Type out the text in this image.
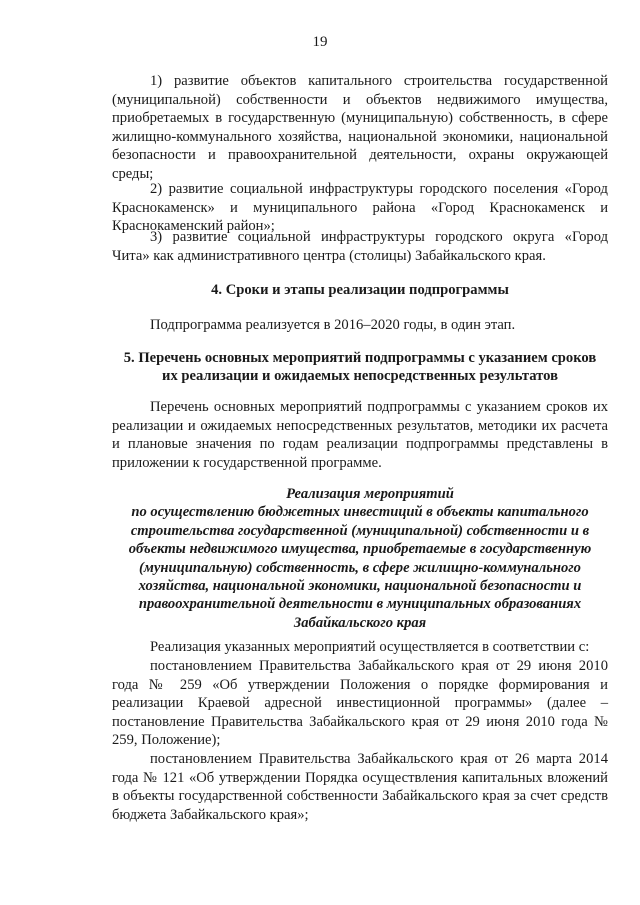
19
1) развитие объектов капитального строительства государственной (муниципальной) собственности и объектов недвижимого имущества, приобретаемых в государственную (муниципальную) собственность, в сфере жилищно-коммунального хозяйства, национальной экономики, национальной безопасности и правоохранительной деятельности, охраны окружающей среды;
2) развитие социальной инфраструктуры городского поселения «Город Краснокаменск» и муниципального района «Город Краснокаменск и Краснокаменский район»;
3) развитие социальной инфраструктуры городского округа «Город Чита» как административного центра (столицы) Забайкальского края.
4. Сроки и этапы реализации подпрограммы
Подпрограмма реализуется в 2016–2020 годы, в один этап.
5. Перечень основных мероприятий подпрограммы с указанием сроков
их реализации и ожидаемых непосредственных результатов
Перечень основных мероприятий подпрограммы с указанием сроков их реализации и ожидаемых непосредственных результатов, методики их расчета и плановые значения по годам реализации подпрограммы представлены в приложении к государственной программе.
Реализация мероприятий
по осуществлению бюджетных инвестиций в объекты капитального строительства государственной (муниципальной) собственности и в объекты недвижимого имущества, приобретаемые в государственную (муниципальную) собственность, в сфере жилищно-коммунального хозяйства, национальной экономики, национальной безопасности и правоохранительной деятельности в муниципальных образованиях Забайкальского края
Реализация указанных мероприятий осуществляется в соответствии с:
постановлением Правительства Забайкальского края от 29 июня 2010 года № 259 «Об утверждении Положения о порядке формирования и реализации Краевой адресной инвестиционной программы» (далее – постановление Правительства Забайкальского края от 29 июня 2010 года № 259, Положение);
постановлением Правительства Забайкальского края от 26 марта 2014 года № 121 «Об утверждении Порядка осуществления капитальных вложений в объекты государственной собственности Забайкальского края за счет средств бюджета Забайкальского края»;
